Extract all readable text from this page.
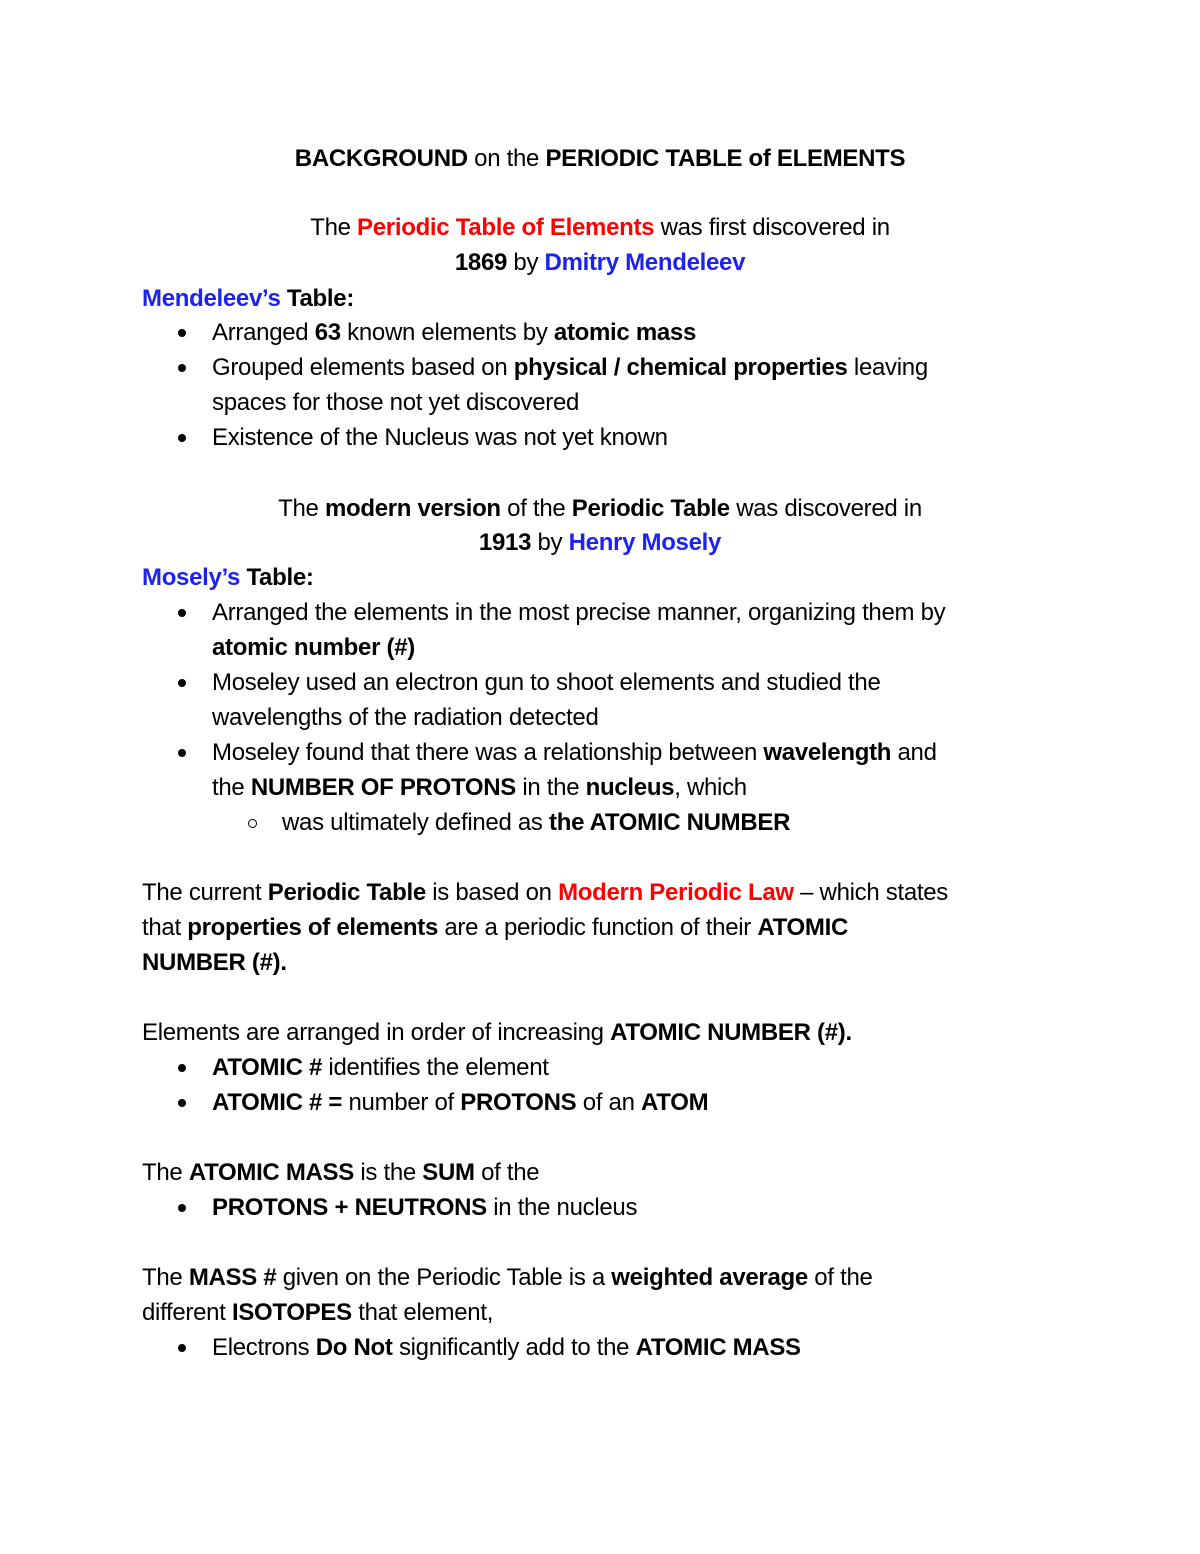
BACKGROUND on the PERIODIC TABLE of ELEMENTS
The Periodic Table of Elements was first discovered in
1869 by Dmitry Mendeleev
Mendeleev’s Table:
Arranged 63 known elements by atomic mass
Grouped elements based on physical / chemical properties leaving
spaces for those not yet discovered
Existence of the Nucleus was not yet known
The modern version of the Periodic Table was discovered in
1913 by Henry Mosely
Mosely’s Table:
Arranged the elements in the most precise manner, organizing them by
atomic number (#)
Moseley used an electron gun to shoot elements and studied the
wavelengths of the radiation detected
Moseley found that there was a relationship between wavelength and
the NUMBER OF PROTONS in the nucleus, which
was ultimately defined as the ATOMIC NUMBER
The current Periodic Table is based on Modern Periodic Law – which states
that properties of elements are a periodic function of their ATOMIC
NUMBER (#).
Elements are arranged in order of increasing ATOMIC NUMBER (#).
ATOMIC # identifies the element
ATOMIC # = number of PROTONS of an ATOM
The ATOMIC MASS is the SUM of the
PROTONS + NEUTRONS in the nucleus
The MASS # given on the Periodic Table is a weighted average of the
different ISOTOPES that element,
Electrons Do Not significantly add to the ATOMIC MASS
